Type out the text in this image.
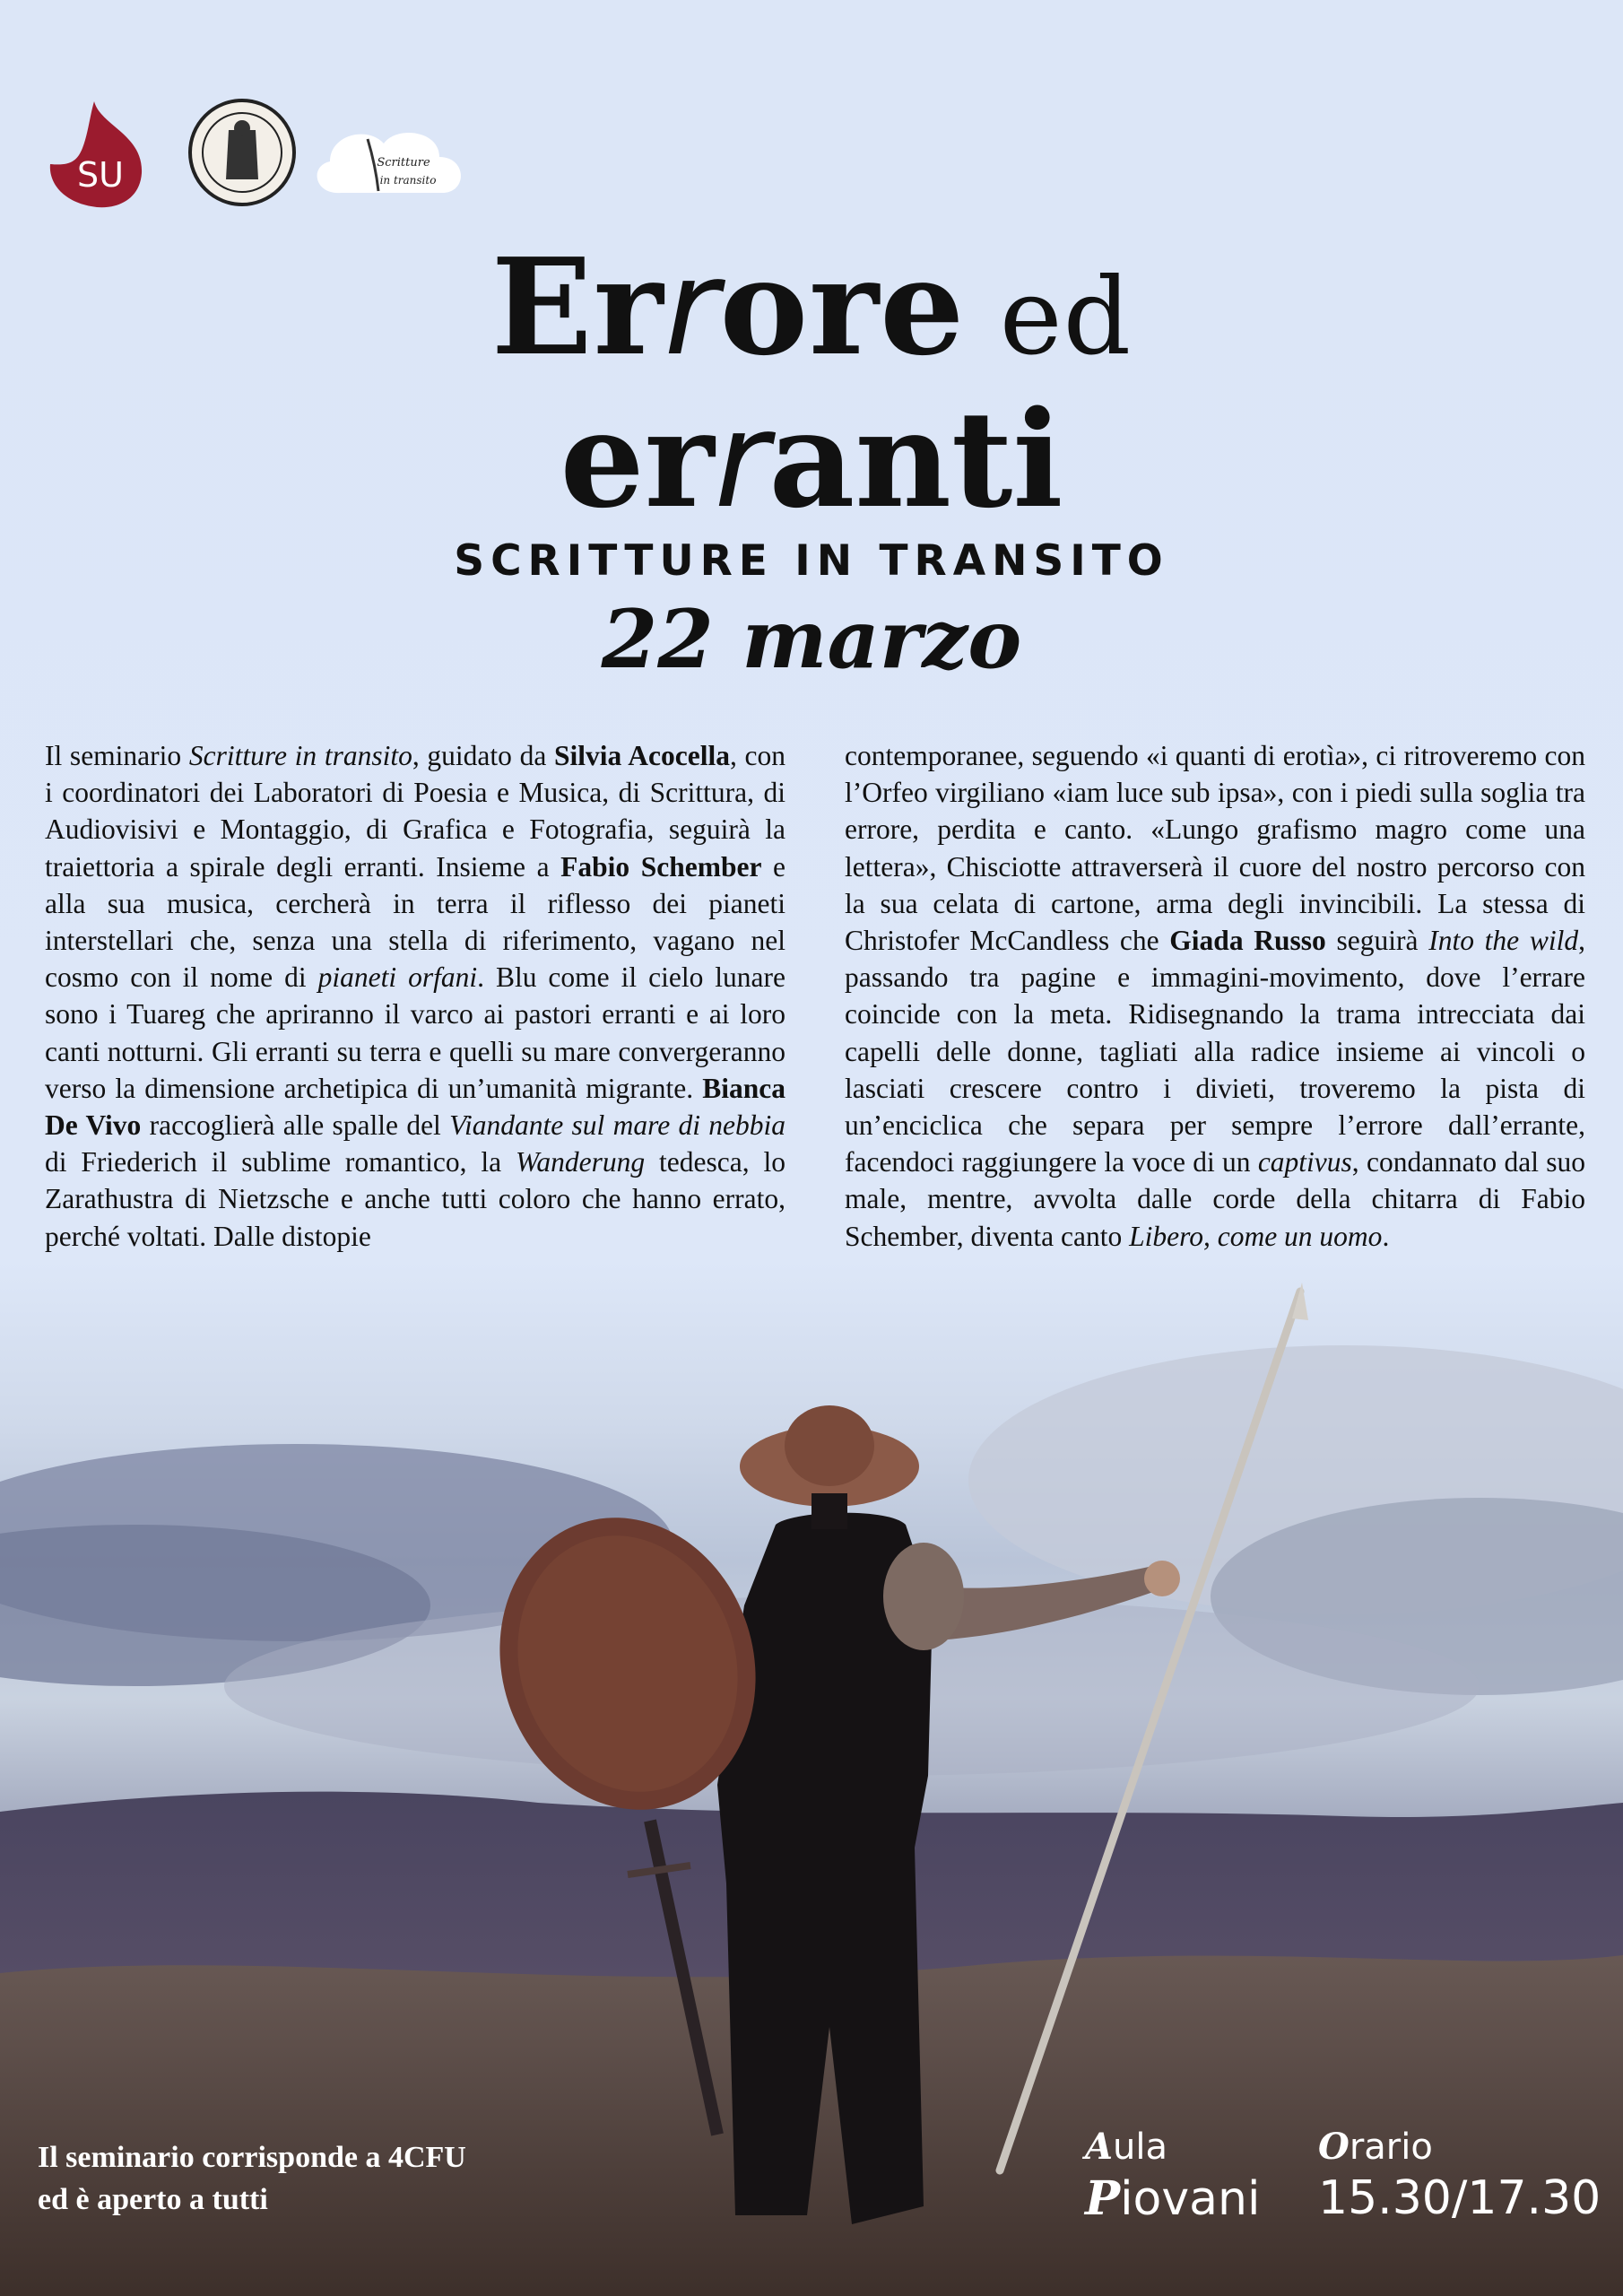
SU	Scritture
in transito
Errore ed
erranti
SCRITTURE IN TRANSITO
22 marzo

Il seminario Scritture in transito, guidato da Silvia Acocella, con i coordinatori dei Laboratori di Poesia e Musica, di Scrittura, di Audiovisivi e Montaggio, di Grafica e Fotografia, seguirà la traiettoria a spirale degli erranti. Insieme a Fabio Schember e alla sua musica, cercherà in terra il riflesso dei pianeti interstellari che, senza una stella di riferimento, vagano nel cosmo con il nome di pianeti orfani. Blu come il cielo lunare sono i Tuareg che apriranno il varco ai pastori erranti e ai loro canti notturni. Gli erranti su terra e quelli su mare convergeranno verso la dimensione archetipica di un’umanità migrante. Bianca De Vivo raccoglierà alle spalle del Viandante sul mare di nebbia di Friederich il sublime romantico, la Wanderung tedesca, lo Zarathustra di Nietzsche e anche tutti coloro che hanno errato, perché voltati. Dalle distopie

contemporanee, seguendo «i quanti di erotìa», ci ritroveremo con l’Orfeo virgiliano «iam luce sub ipsa», con i piedi sulla soglia tra errore, perdita e canto. «Lungo grafismo magro come una lettera», Chisciotte attraverserà il cuore del nostro percorso con la sua celata di cartone, arma degli invincibili. La stessa di Christofer McCandless che Giada Russo seguirà Into the wild, passando tra pagine e immagini-movimento, dove l’errare coincide con la meta. Ridisegnando la trama intrecciata dai capelli delle donne, tagliati alla radice insieme ai vincoli o lasciati crescere contro i divieti, troveremo la pista di un’enciclica che separa per sempre l’errore dall’errante, facendoci raggiungere la voce di un captivus, condannato dal suo male, mentre, avvolta dalle corde della chitarra di Fabio Schember, diventa canto Libero, come un uomo.

Il seminario corrisponde a 4CFU
ed è aperto a tutti
Aula
Piovani
Orario
15.30/17.30
